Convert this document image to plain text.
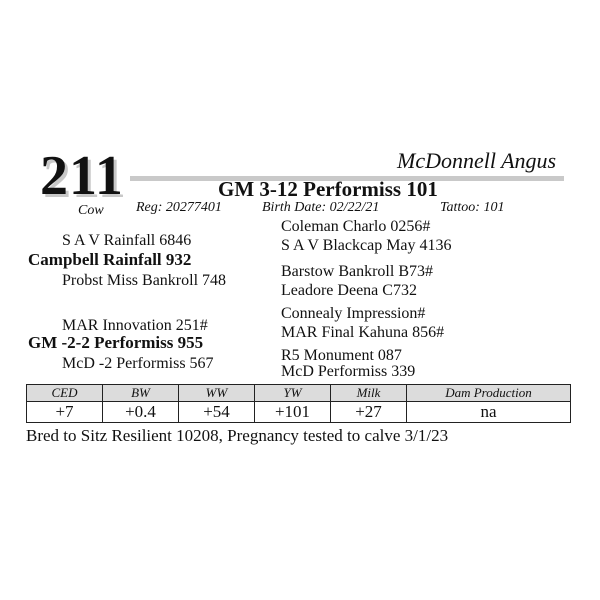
211	McDonnell Angus
GM 3-12 Performiss 101
Cow Reg: 20277401	Birth Date: 02/22/21	Tattoo: 101
S A V Rainfall 6846
Campbell Rainfall 932
Probst Miss Bankroll 748
MAR Innovation 251#
GM -2-2 Performiss 955
McD -2 Performiss 567
Coleman Charlo 0256#
S A V Blackcap May 4136
Barstow Bankroll B73#
Leadore Deena C732
Connealy Impression#
MAR Final Kahuna 856#
R5 Monument 087
McD Performiss 339
CED	BW	WW	YW	Milk	Dam Production
+7	+0.4	+54	+101	+27	na
Bred to Sitz Resilient 10208, Pregnancy tested to calve 3/1/23
